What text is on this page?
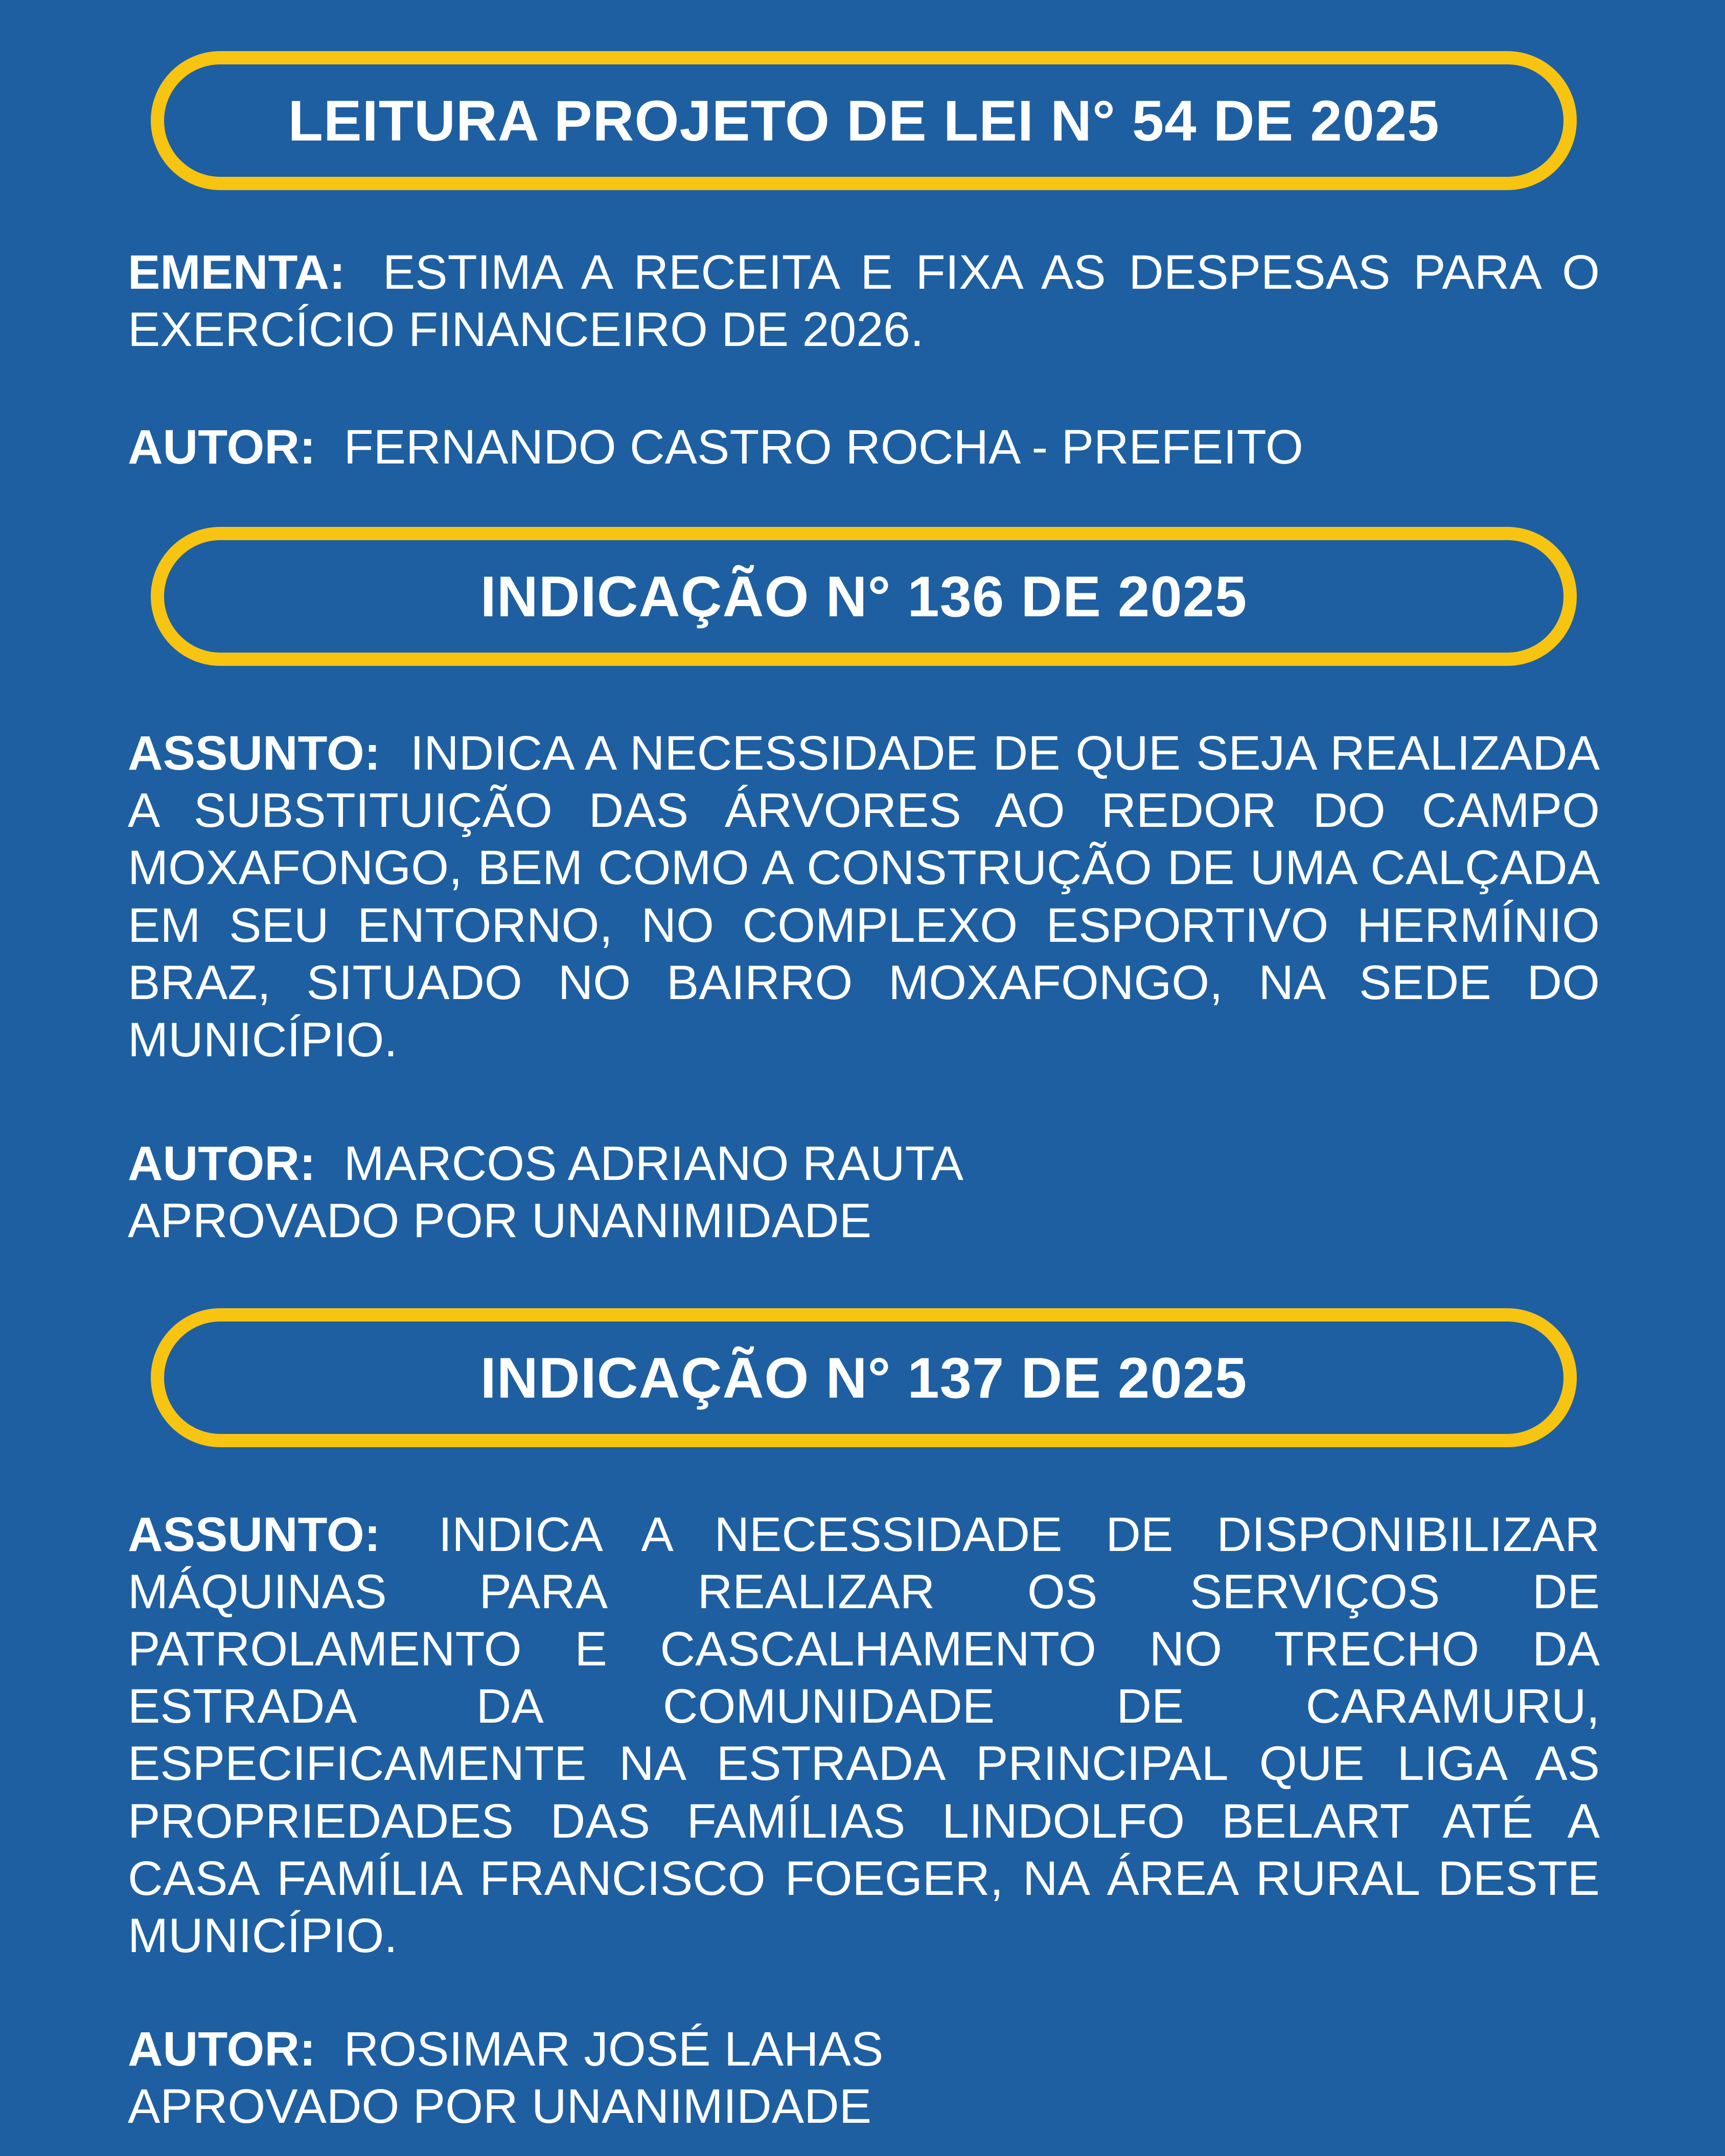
LEITURA PROJETO DE LEI N° 54 DE 2025

EMENTA: ESTIMA A RECEITA E FIXA AS DESPESAS PARA O EXERCÍCIO FINANCEIRO DE 2026.

AUTOR: FERNANDO CASTRO ROCHA - PREFEITO

INDICAÇÃO N° 136 DE 2025

ASSUNTO: INDICA A NECESSIDADE DE QUE SEJA REALIZADA A SUBSTITUIÇÃO DAS ÁRVORES AO REDOR DO CAMPO MOXAFONGO, BEM COMO A CONSTRUÇÃO DE UMA CALÇADA EM SEU ENTORNO, NO COMPLEXO ESPORTIVO HERMÍNIO BRAZ, SITUADO NO BAIRRO MOXAFONGO, NA SEDE DO MUNICÍPIO.

AUTOR: MARCOS ADRIANO RAUTA

APROVADO POR UNANIMIDADE

INDICAÇÃO N° 137 DE 2025

ASSUNTO: INDICA A NECESSIDADE DE DISPONIBILIZAR MÁQUINAS PARA REALIZAR OS SERVIÇOS DE PATROLAMENTO E CASCALHAMENTO NO TRECHO DA ESTRADA DA COMUNIDADE DE CARAMURU, ESPECIFICAMENTE NA ESTRADA PRINCIPAL QUE LIGA AS PROPRIEDADES DAS FAMÍLIAS LINDOLFO BELART ATÉ A CASA FAMÍLIA FRANCISCO FOEGER, NA ÁREA RURAL DESTE MUNICÍPIO.

AUTOR: ROSIMAR JOSÉ LAHAS

APROVADO POR UNANIMIDADE
